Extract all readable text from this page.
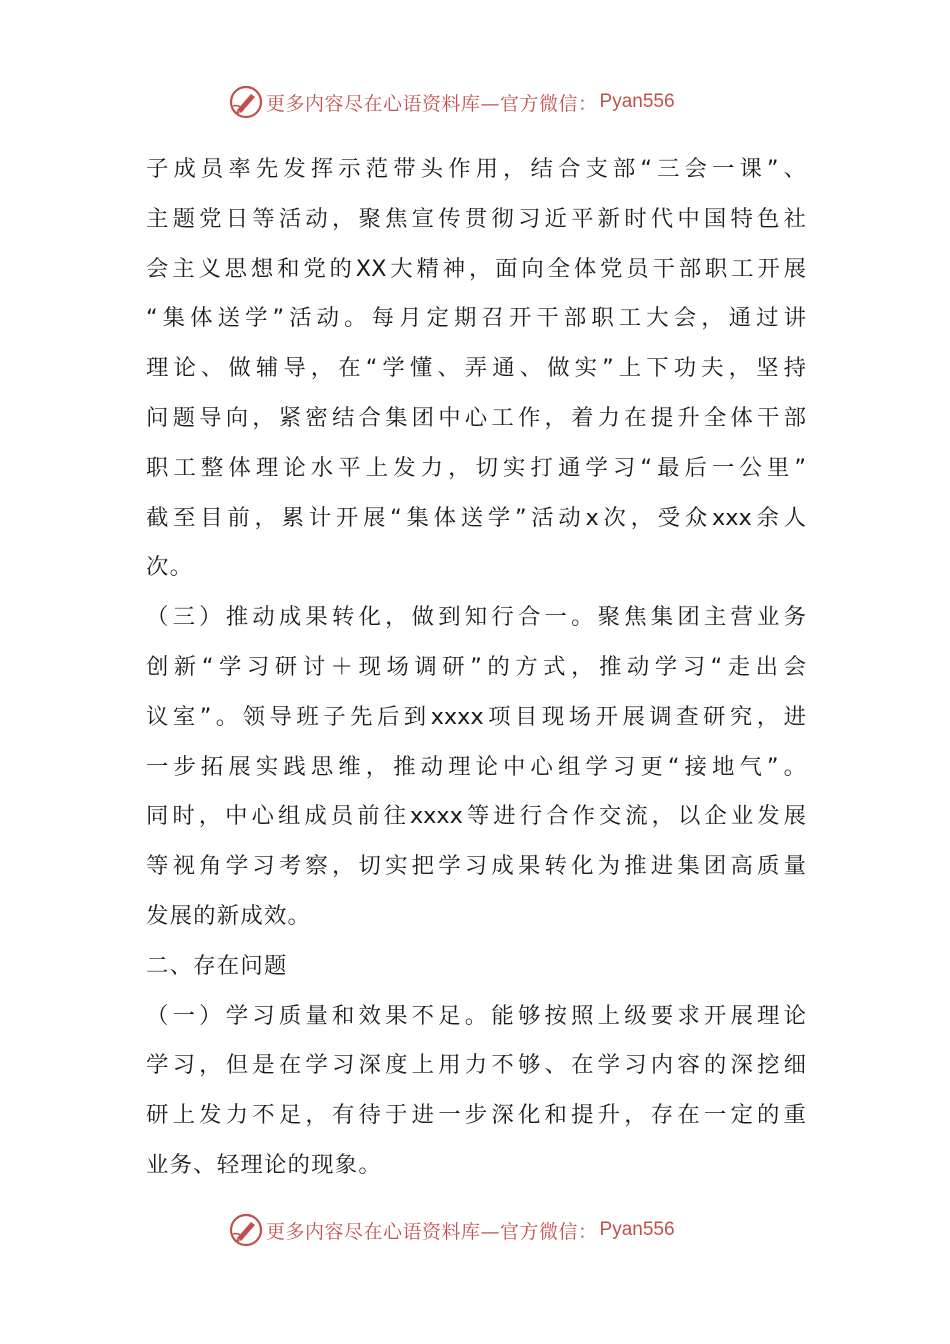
更多内容尽在心语资料库—官方微信： Pyan556
子成员率先发挥示范带头作用，结合支部“三会一课”、
主题党日等活动，聚焦宣传贯彻习近平新时代中国特色社
会主义思想和党的XX大精神，面向全体党员干部职工开展
“集体送学”活动。每月定期召开干部职工大会，通过讲
理论、做辅导，在“学懂、弄通、做实”上下功夫，坚持
问题导向，紧密结合集团中心工作，着力在提升全体干部
职工整体理论水平上发力，切实打通学习“最后一公里”
截至目前，累计开展“集体送学”活动x次，受众xxx余人
次。
（三）推动成果转化，做到知行合一。聚焦集团主营业务
创新“学习研讨＋现场调研”的方式，推动学习“走出会
议室”。领导班子先后到xxxx项目现场开展调查研究，进
一步拓展实践思维，推动理论中心组学习更“接地气”。
同时，中心组成员前往xxxx等进行合作交流，以企业发展
等视角学习考察，切实把学习成果转化为推进集团高质量
发展的新成效。
二、存在问题
（一）学习质量和效果不足。能够按照上级要求开展理论
学习，但是在学习深度上用力不够、在学习内容的深挖细
研上发力不足，有待于进一步深化和提升，存在一定的重
业务、轻理论的现象。
更多内容尽在心语资料库—官方微信： Pyan556
